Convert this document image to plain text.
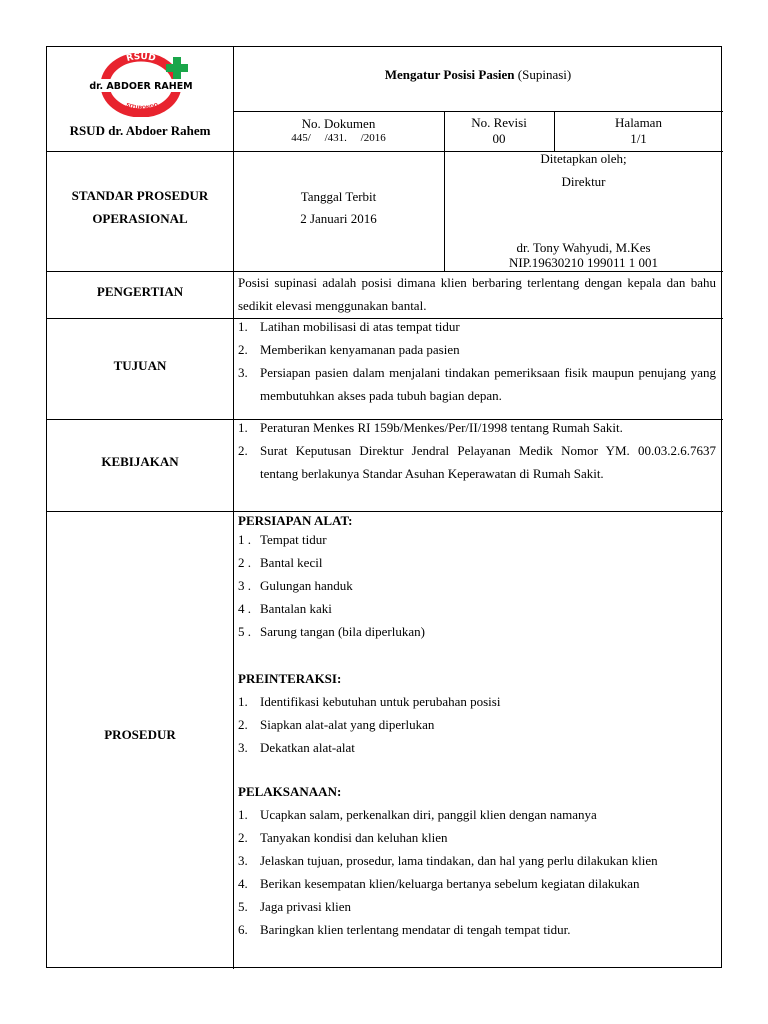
RSUD
dr. ABDOER RAHEM
SITUBONDO
RSUD dr. Abdoer Rahem
Mengatur Posisi Pasien (Supinasi)
No. Dokumen
445/     /431.     /2016
No. Revisi
00
Halaman
1/1
STANDAR PROSEDUR
OPERASIONAL
Tanggal Terbit
2 Januari 2016
Ditetapkan oleh;
Direktur
dr. Tony Wahyudi, M.Kes
NIP.19630210 199011 1 001
PENGERTIAN
Posisi supinasi adalah posisi dimana klien berbaring terlentang dengan kepala dan bahu sedikit elevasi menggunakan bantal.
TUJUAN
1. Latihan mobilisasi di atas tempat tidur
2. Memberikan kenyamanan pada pasien
3. Persiapan pasien dalam menjalani tindakan pemeriksaan fisik maupun penujang yang membutuhkan akses pada tubuh bagian depan.
KEBIJAKAN
1. Peraturan Menkes RI 159b/Menkes/Per/II/1998 tentang Rumah Sakit.
2. Surat Keputusan Direktur Jendral Pelayanan Medik Nomor YM. 00.03.2.6.7637 tentang berlakunya Standar Asuhan Keperawatan di Rumah Sakit.
PROSEDUR
PERSIAPAN ALAT:
1 . Tempat tidur
2 . Bantal kecil
3 . Gulungan handuk
4 . Bantalan kaki
5 . Sarung tangan (bila diperlukan)
PREINTERAKSI:
1. Identifikasi kebutuhan untuk perubahan posisi
2. Siapkan alat-alat yang diperlukan
3. Dekatkan alat-alat
PELAKSANAAN:
1. Ucapkan salam, perkenalkan diri, panggil klien dengan namanya
2. Tanyakan kondisi dan keluhan klien
3. Jelaskan tujuan, prosedur, lama tindakan, dan hal yang perlu dilakukan klien
4. Berikan kesempatan klien/keluarga bertanya sebelum kegiatan dilakukan
5. Jaga privasi klien
6. Baringkan klien terlentang mendatar di tengah tempat tidur.
